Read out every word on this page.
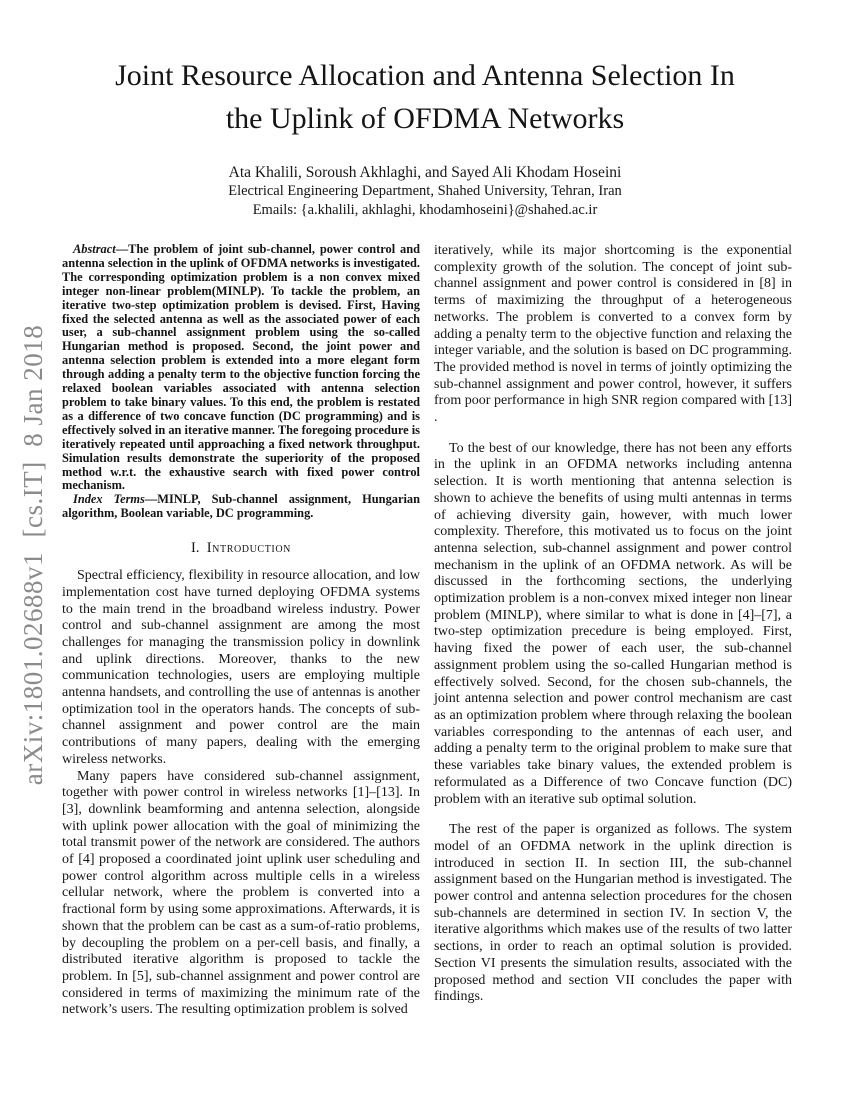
arXiv:1801.02688v1  [cs.IT]  8 Jan 2018
Joint Resource Allocation and Antenna Selection In
the Uplink of OFDMA Networks
Ata Khalili, Soroush Akhlaghi, and Sayed Ali Khodam Hoseini
Electrical Engineering Department, Shahed University, Tehran, Iran
Emails: {a.khalili, akhlaghi, khodamhoseini}@shahed.ac.ir

Abstract—The problem of joint sub-channel, power control and antenna selection in the uplink of OFDMA networks is investigated. The corresponding optimization problem is a non convex mixed integer non-linear problem(MINLP). To tackle the problem, an iterative two-step optimization problem is devised. First, Having fixed the selected antenna as well as the associated power of each user, a sub-channel assignment problem using the so-called Hungarian method is proposed. Second, the joint power and antenna selection problem is extended into a more elegant form through adding a penalty term to the objective function forcing the relaxed boolean variables associated with antenna selection problem to take binary values. To this end, the problem is restated as a difference of two concave function (DC programming) and is effectively solved in an iterative manner. The foregoing procedure is iteratively repeated until approaching a fixed network throughput. Simulation results demonstrate the superiority of the proposed method w.r.t. the exhaustive search with fixed power control mechanism.

Index Terms—MINLP, Sub-channel assignment, Hungarian algorithm, Boolean variable, DC programming.

I. Introduction

Spectral efficiency, flexibility in resource allocation, and low implementation cost have turned deploying OFDMA systems to the main trend in the broadband wireless industry. Power control and sub-channel assignment are among the most challenges for managing the transmission policy in downlink and uplink directions. Moreover, thanks to the new communication technologies, users are employing multiple antenna handsets, and controlling the use of antennas is another optimization tool in the operators hands. The concepts of sub-channel assignment and power control are the main contributions of many papers, dealing with the emerging wireless networks.

Many papers have considered sub-channel assignment, together with power control in wireless networks [1]–[13]. In [3], downlink beamforming and antenna selection, alongside with uplink power allocation with the goal of minimizing the total transmit power of the network are considered. The authors of [4] proposed a coordinated joint uplink user scheduling and power control algorithm across multiple cells in a wireless cellular network, where the problem is converted into a fractional form by using some approximations. Afterwards, it is shown that the problem can be cast as a sum-of-ratio problems, by decoupling the problem on a per-cell basis, and finally, a distributed iterative algorithm is proposed to tackle the problem. In [5], sub-channel assignment and power control are considered in terms of maximizing the minimum rate of the network’s users. The resulting optimization problem is solved

iteratively, while its major shortcoming is the exponential complexity growth of the solution. The concept of joint sub-channel assignment and power control is considered in [8] in terms of maximizing the throughput of a heterogeneous networks. The problem is converted to a convex form by adding a penalty term to the objective function and relaxing the integer variable, and the solution is based on DC programming. The provided method is novel in terms of jointly optimizing the sub-channel assignment and power control, however, it suffers from poor performance in high SNR region compared with [13] .

To the best of our knowledge, there has not been any efforts in the uplink in an OFDMA networks including antenna selection. It is worth mentioning that antenna selection is shown to achieve the benefits of using multi antennas in terms of achieving diversity gain, however, with much lower complexity. Therefore, this motivated us to focus on the joint antenna selection, sub-channel assignment and power control mechanism in the uplink of an OFDMA network. As will be discussed in the forthcoming sections, the underlying optimization problem is a non-convex mixed integer non linear problem (MINLP), where similar to what is done in [4]–[7], a two-step optimization precedure is being employed. First, having fixed the power of each user, the sub-channel assignment problem using the so-called Hungarian method is effectively solved. Second, for the chosen sub-channels, the joint antenna selection and power control mechanism are cast as an optimization problem where through relaxing the boolean variables corresponding to the antennas of each user, and adding a penalty term to the original problem to make sure that these variables take binary values, the extended problem is reformulated as a Difference of two Concave function (DC) problem with an iterative sub optimal solution.

The rest of the paper is organized as follows. The system model of an OFDMA network in the uplink direction is introduced in section II. In section III, the sub-channel assignment based on the Hungarian method is investigated. The power control and antenna selection procedures for the chosen sub-channels are determined in section IV. In section V, the iterative algorithms which makes use of the results of two latter sections, in order to reach an optimal solution is provided. Section VI presents the simulation results, associated with the proposed method and section VII concludes the paper with findings.
